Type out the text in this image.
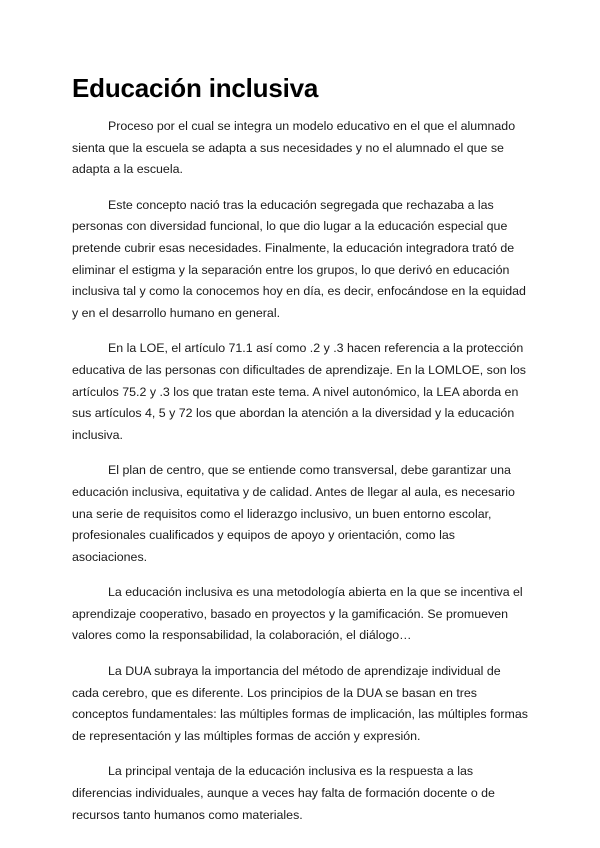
Educación inclusiva

Proceso por el cual se integra un modelo educativo en el que el alumnado sienta que la escuela se adapta a sus necesidades y no el alumnado el que se adapta a la escuela.

Este concepto nació tras la educación segregada que rechazaba a las personas con diversidad funcional, lo que dio lugar a la educación especial que pretende cubrir esas necesidades. Finalmente, la educación integradora trató de eliminar el estigma y la separación entre los grupos, lo que derivó en educación inclusiva tal y como la conocemos hoy en día, es decir, enfocándose en la equidad y en el desarrollo humano en general.

En la LOE, el artículo 71.1 así como .2 y .3 hacen referencia a la protección educativa de las personas con dificultades de aprendizaje. En la LOMLOE, son los artículos 75.2 y .3 los que tratan este tema. A nivel autonómico, la LEA aborda en sus artículos 4, 5 y 72 los que abordan la atención a la diversidad y la educación inclusiva.

El plan de centro, que se entiende como transversal, debe garantizar una educación inclusiva, equitativa y de calidad. Antes de llegar al aula, es necesario una serie de requisitos como el liderazgo inclusivo, un buen entorno escolar, profesionales cualificados y equipos de apoyo y orientación, como las asociaciones.

La educación inclusiva es una metodología abierta en la que se incentiva el aprendizaje cooperativo, basado en proyectos y la gamificación. Se promueven valores como la responsabilidad, la colaboración, el diálogo…

La DUA subraya la importancia del método de aprendizaje individual de cada cerebro, que es diferente. Los principios de la DUA se basan en tres conceptos fundamentales: las múltiples formas de implicación, las múltiples formas de representación y las múltiples formas de acción y expresión.

La principal ventaja de la educación inclusiva es la respuesta a las diferencias individuales, aunque a veces hay falta de formación docente o de recursos tanto humanos como materiales.
